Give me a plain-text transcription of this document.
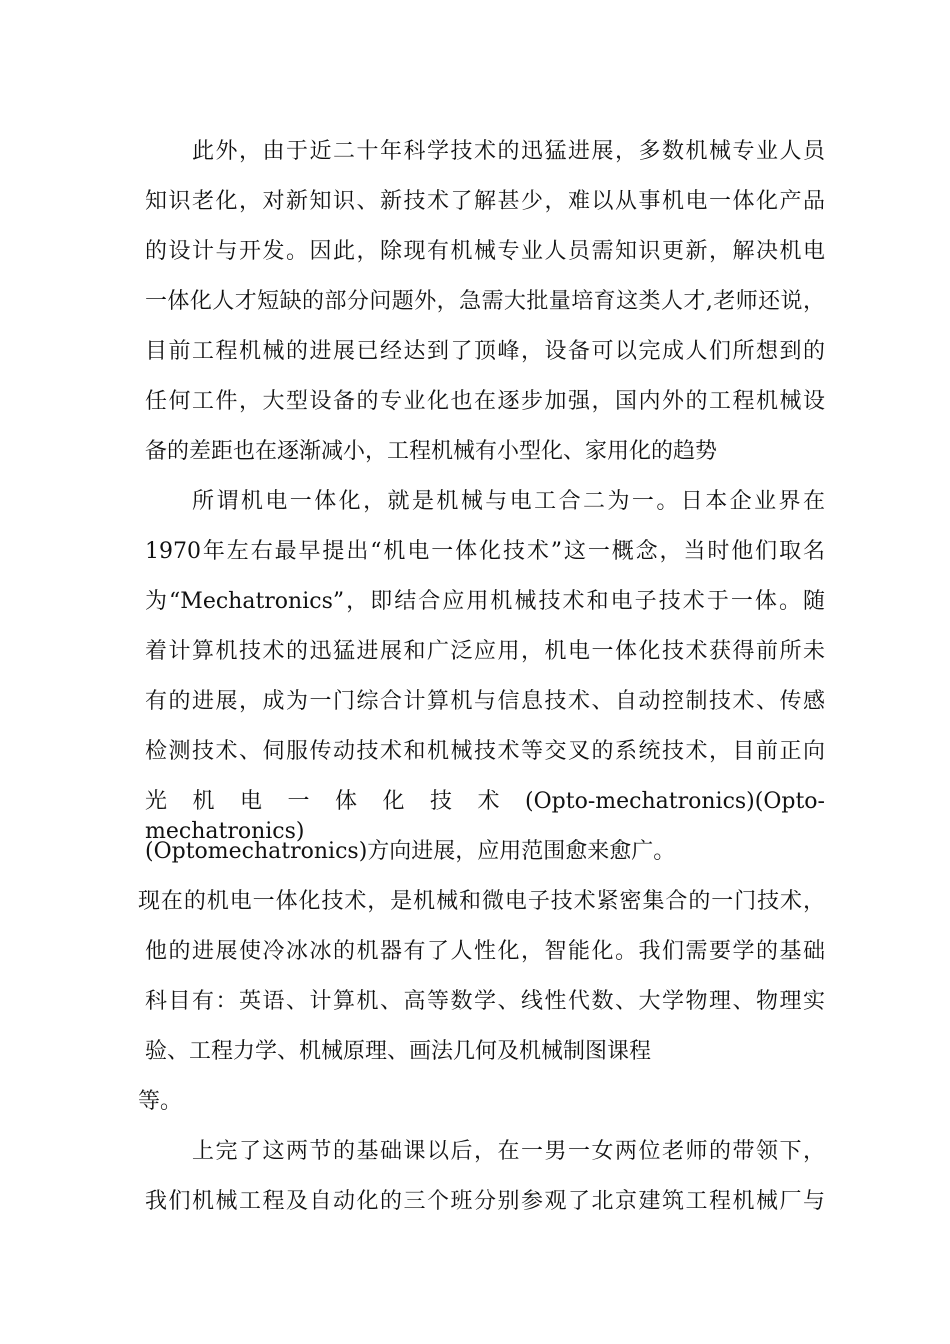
此外，由于近二十年科学技术的迅猛进展，多数机械专业人员
知识老化，对新知识、新技术了解甚少，难以从事机电一体化产品
的设计与开发。因此，除现有机械专业人员需知识更新，解决机电
一体化人才短缺的部分问题外，急需大批量培育这类人才,老师还说，
目前工程机械的进展已经达到了顶峰，设备可以完成人们所想到的
任何工件，大型设备的专业化也在逐步加强，国内外的工程机械设
备的差距也在逐渐减小，工程机械有小型化、家用化的趋势
所谓机电一体化，就是机械与电工合二为一。日本企业界在
1970年左右最早提出“机电一体化技术”这一概念，当时他们取名
为“Mechatronics”，即结合应用机械技术和电子技术于一体。随
着计算机技术的迅猛进展和广泛应用，机电一体化技术获得前所未
有的进展，成为一门综合计算机与信息技术、自动控制技术、传感
检测技术、伺服传动技术和机械技术等交叉的系统技术，目前正向
光 机 电 一 体 化 技 术 (Opto-mechatronics)(Opto-mechatronics)
(Optomechatronics)方向进展，应用范围愈来愈广。
现在的机电一体化技术，是机械和微电子技术紧密集合的一门技术，
他的进展使冷冰冰的机器有了人性化，智能化。我们需要学的基础
科目有：英语、计算机、高等数学、线性代数、大学物理、物理实
验、工程力学、机械原理、画法几何及机械制图课程
等。
上完了这两节的基础课以后，在一男一女两位老师的带领下，
我们机械工程及自动化的三个班分别参观了北京建筑工程机械厂与
